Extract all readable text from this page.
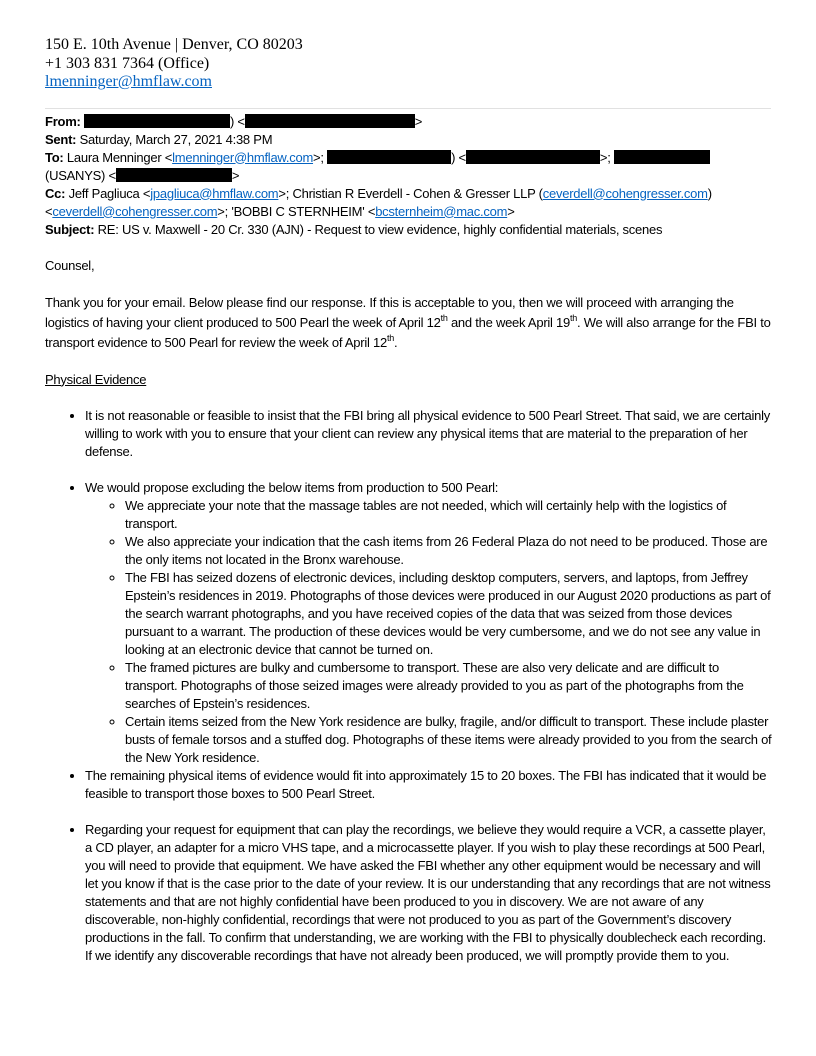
150 E. 10th Avenue | Denver, CO 80203
+1 303 831 7364 (Office)
lmenninger@hmflaw.com
From:	) <	>
Sent: Saturday, March 27, 2021 4:38 PM
To: Laura Menninger <lmenninger@hmflaw.com>;	) <	>;
(USANYS) <	>
Cc: Jeff Pagliuca <jpagliuca@hmflaw.com>; Christian R Everdell - Cohen & Gresser LLP (ceverdell@cohengresser.com)
<ceverdell@cohengresser.com>; 'BOBBI C STERNHEIM' <bcsternheim@mac.com>
Subject: RE: US v. Maxwell - 20 Cr. 330 (AJN) - Request to view evidence, highly confidential materials, scenes

Counsel,

Thank you for your email. Below please find our response. If this is acceptable to you, then we will proceed with arranging the logistics of having your client produced to 500 Pearl the week of April 12th and the week April 19th. We will also arrange for the FBI to transport evidence to 500 Pearl for review the week of April 12th.

Physical Evidence

• It is not reasonable or feasible to insist that the FBI bring all physical evidence to 500 Pearl Street. That said, we are certainly willing to work with you to ensure that your client can review any physical items that are material to the preparation of her defense.
• We would propose excluding the below items from production to 500 Pearl:
◦ We appreciate your note that the massage tables are not needed, which will certainly help with the logistics of transport.
◦ We also appreciate your indication that the cash items from 26 Federal Plaza do not need to be produced. Those are the only items not located in the Bronx warehouse.
◦ The FBI has seized dozens of electronic devices, including desktop computers, servers, and laptops, from Jeffrey Epstein’s residences in 2019. Photographs of those devices were produced in our August 2020 productions as part of the search warrant photographs, and you have received copies of the data that was seized from those devices pursuant to a warrant. The production of these devices would be very cumbersome, and we do not see any value in looking at an electronic device that cannot be turned on.
◦ The framed pictures are bulky and cumbersome to transport. These are also very delicate and are difficult to transport. Photographs of those seized images were already provided to you as part of the photographs from the searches of Epstein’s residences.
◦ Certain items seized from the New York residence are bulky, fragile, and/or difficult to transport. These include plaster busts of female torsos and a stuffed dog. Photographs of these items were already provided to you from the search of the New York residence.
• The remaining physical items of evidence would fit into approximately 15 to 20 boxes. The FBI has indicated that it would be feasible to transport those boxes to 500 Pearl Street.
• Regarding your request for equipment that can play the recordings, we believe they would require a VCR, a cassette player, a CD player, an adapter for a micro VHS tape, and a microcassette player. If you wish to play these recordings at 500 Pearl, you will need to provide that equipment. We have asked the FBI whether any other equipment would be necessary and will let you know if that is the case prior to the date of your review. It is our understanding that any recordings that are not witness statements and that are not highly confidential have been produced to you in discovery. We are not aware of any discoverable, non-highly confidential, recordings that were not produced to you as part of the Government’s discovery productions in the fall. To confirm that understanding, we are working with the FBI to physically doublecheck each recording. If we identify any discoverable recordings that have not already been produced, we will promptly provide them to you.
